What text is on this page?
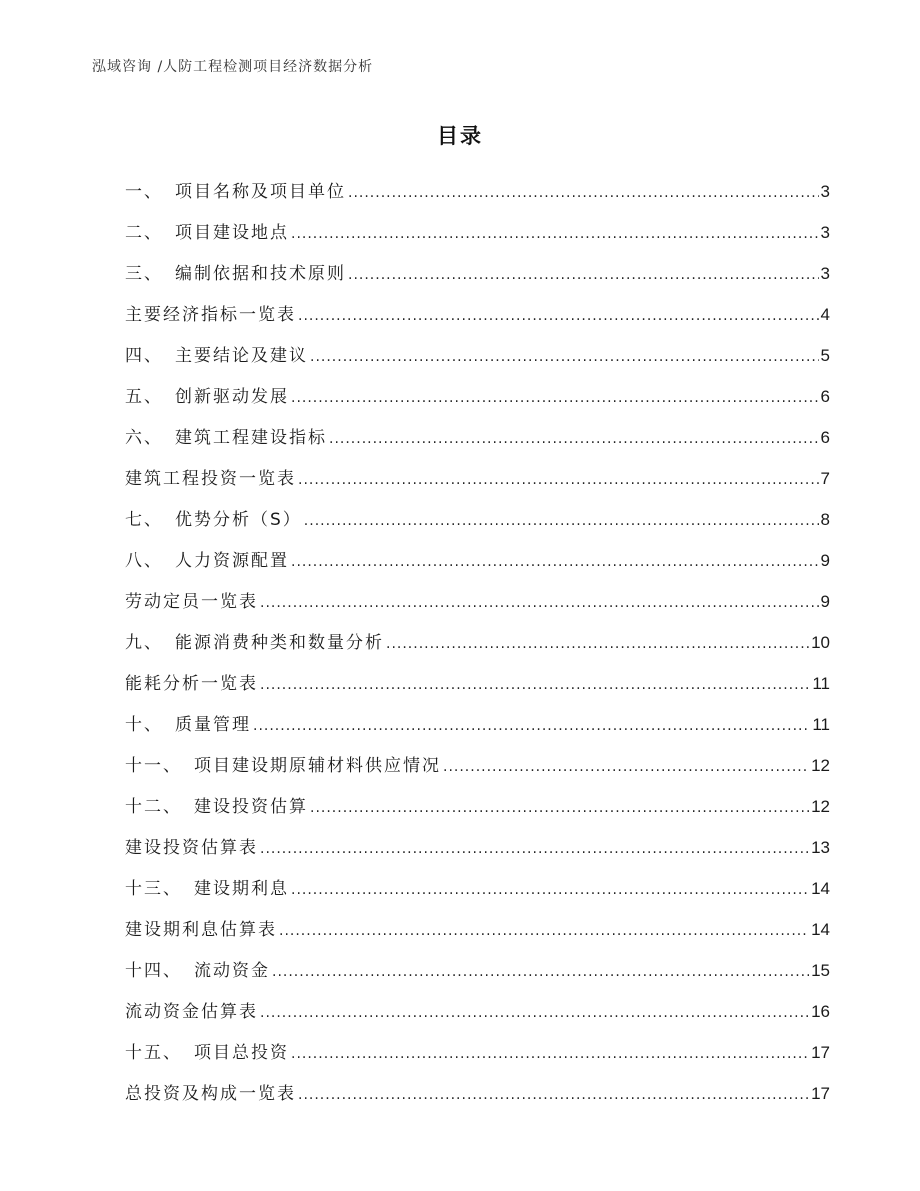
泓域咨询 /人防工程检测项目经济数据分析
目录
一、 项目名称及项目单位 .....	3
二、 项目建设地点 .....	3
三、 编制依据和技术原则 .....	3
主要经济指标一览表 .....	4
四、 主要结论及建议 .....	5
五、 创新驱动发展 .....	6
六、 建筑工程建设指标 .....	6
建筑工程投资一览表 .....	7
七、 优势分析（S） .....	8
八、 人力资源配置 .....	9
劳动定员一览表 .....	9
九、 能源消费种类和数量分析 .....	10
能耗分析一览表 .....	11
十、 质量管理 .....	11
十一、 项目建设期原辅材料供应情况 .....	12
十二、 建设投资估算 .....	12
建设投资估算表 .....	13
十三、 建设期利息 .....	14
建设期利息估算表 .....	14
十四、 流动资金 .....	15
流动资金估算表 .....	16
十五、 项目总投资 .....	17
总投资及构成一览表 .....	17
